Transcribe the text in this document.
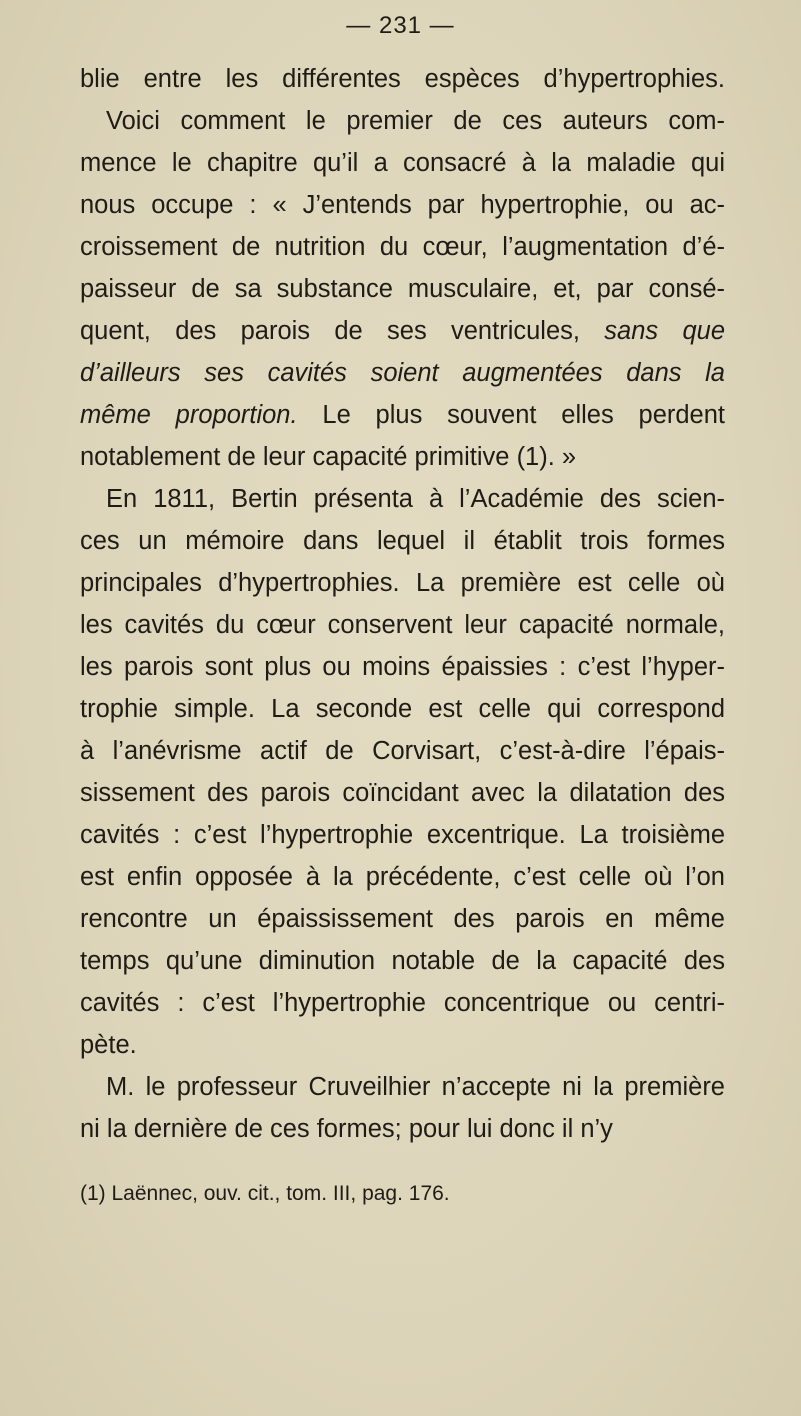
— 231 —
blie entre les différentes espèces d’hypertrophies.
Voici comment le premier de ces auteurs com-
mence le chapitre qu’il a consacré à la maladie qui
nous occupe : « J’entends par hypertrophie, ou ac-
croissement de nutrition du cœur, l’augmentation d’é-
paisseur de sa substance musculaire, et, par consé-
quent, des parois de ses ventricules, sans que
d’ailleurs ses cavités soient augmentées dans la
même proportion. Le plus souvent elles perdent
notablement de leur capacité primitive (1). »
En 1811, Bertin présenta à l’Académie des scien-
ces un mémoire dans lequel il établit trois formes
principales d’hypertrophies. La première est celle où
les cavités du cœur conservent leur capacité normale,
les parois sont plus ou moins épaissies : c’est l’hyper-
trophie simple. La seconde est celle qui correspond
à l’anévrisme actif de Corvisart, c’est-à-dire l’épais-
sissement des parois coïncidant avec la dilatation des
cavités : c’est l’hypertrophie excentrique. La troisième
est enfin opposée à la précédente, c’est celle où l’on
rencontre un épaississement des parois en même
temps qu’une diminution notable de la capacité des
cavités : c’est l’hypertrophie concentrique ou centri-
pète.
M. le professeur Cruveilhier n’accepte ni la première
ni la dernière de ces formes; pour lui donc il n’y
(1) Laënnec, ouv. cit., tom. III, pag. 176.
